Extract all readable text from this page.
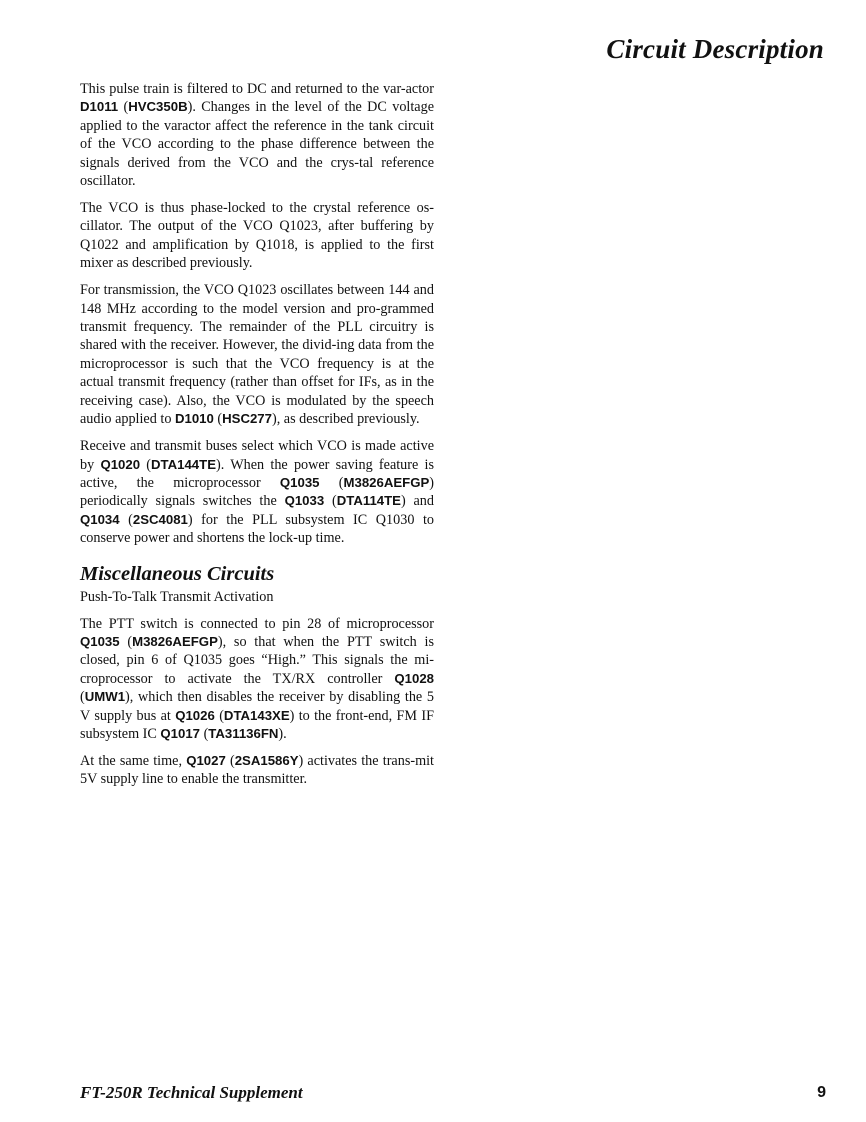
Circuit Description

This pulse train is filtered to DC and returned to the var-actor D1011 (HVC350B). Changes in the level of the DC voltage applied to the varactor affect the reference in the tank circuit of the VCO according to the phase difference between the signals derived from the VCO and the crys-tal reference oscillator.

The VCO is thus phase-locked to the crystal reference os-cillator. The output of the VCO Q1023, after buffering by Q1022 and amplification by Q1018, is applied to the first mixer as described previously.

For transmission, the VCO Q1023 oscillates between 144 and 148 MHz according to the model version and pro-grammed transmit frequency. The remainder of the PLL circuitry is shared with the receiver. However, the divid-ing data from the microprocessor is such that the VCO frequency is at the actual transmit frequency (rather than offset for IFs, as in the receiving case). Also, the VCO is modulated by the speech audio applied to D1010 (HSC277), as described previously.

Receive and transmit buses select which VCO is made active by Q1020 (DTA144TE). When the power saving feature is active, the microprocessor Q1035 (M3826AEFGP) periodically signals switches the Q1033 (DTA114TE) and Q1034 (2SC4081) for the PLL subsystem IC Q1030 to conserve power and shortens the lock-up time.

Miscellaneous Circuits
Push-To-Talk Transmit Activation

The PTT switch is connected to pin 28 of microprocessor Q1035 (M3826AEFGP), so that when the PTT switch is closed, pin 6 of Q1035 goes “High.” This signals the mi-croprocessor to activate the TX/RX controller Q1028 (UMW1), which then disables the receiver by disabling the 5 V supply bus at Q1026 (DTA143XE) to the front-end, FM IF subsystem IC Q1017 (TA31136FN).

At the same time, Q1027 (2SA1586Y) activates the trans-mit 5V supply line to enable the transmitter.

FT-250R Technical Supplement	9
